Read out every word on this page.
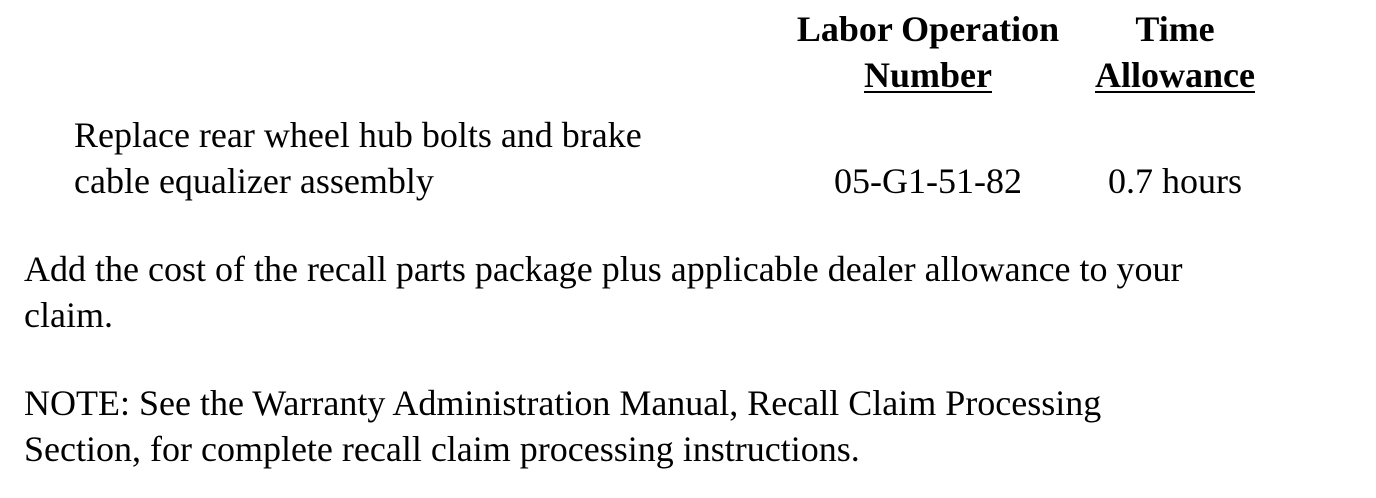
Labor Operation
Number
Time
Allowance
Replace rear wheel hub bolts and brake
cable equalizer assembly	05-G1-51-82	0.7 hours
Add the cost of the recall parts package plus applicable dealer allowance to your
claim.
NOTE: See the Warranty Administration Manual, Recall Claim Processing
Section, for complete recall claim processing instructions.
